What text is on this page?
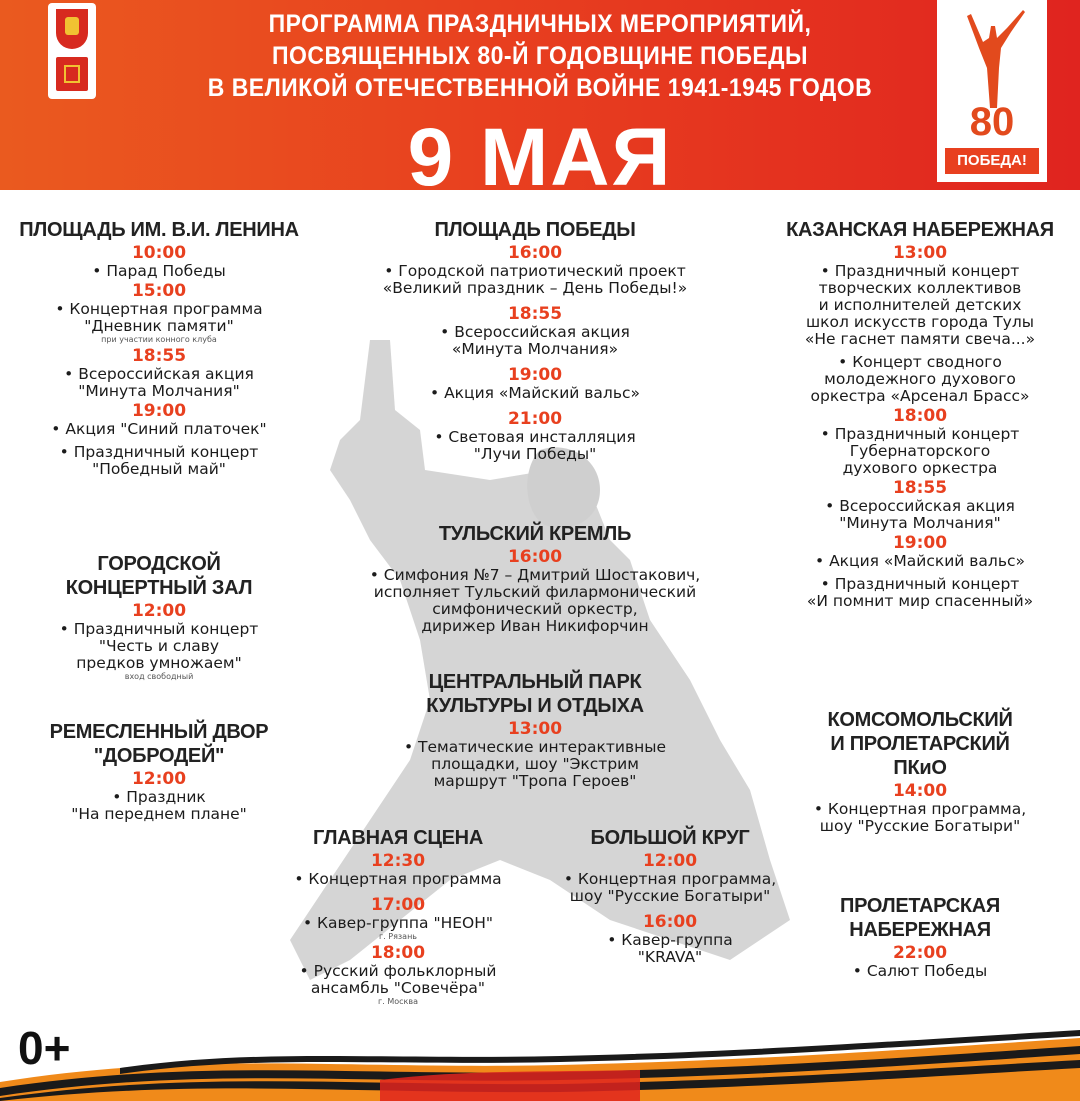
ПРОГРАММА ПРАЗДНИЧНЫХ МЕРОПРИЯТИЙ,
ПОСВЯЩЕННЫХ 80-Й ГОДОВЩИНЕ ПОБЕДЫ
В ВЕЛИКОЙ ОТЕЧЕСТВЕННОЙ ВОЙНЕ 1941-1945 ГОДОВ
9 МАЯ	80
ПОБЕДА!
ПЛОЩАДЬ ИМ. В.И. ЛЕНИНА
10:00
• Парад Победы
15:00
• Концертная программа
"Дневник памяти"
при участии конного клуба
18:55
• Всероссийская акция
"Минута Молчания"
19:00
• Акция "Синий платочек"
• Праздничный концерт
"Победный май"
ГОРОДСКОЙ
КОНЦЕРТНЫЙ ЗАЛ
12:00
• Праздничный концерт
"Честь и славу
предков умножаем"
вход свободный
РЕМЕСЛЕННЫЙ ДВОР
"ДОБРОДЕЙ"
12:00
• Праздник
"На переднем плане"
ПЛОЩАДЬ ПОБЕДЫ
16:00
• Городской патриотический проект
«Великий праздник – День Победы!»
18:55
• Всероссийская акция
«Минута Молчания»
19:00
• Акция «Майский вальс»
21:00
• Световая инсталляция
"Лучи Победы"
ТУЛЬСКИЙ КРЕМЛЬ
16:00
• Симфония №7 – Дмитрий Шостакович,
исполняет Тульский филармонический
симфонический оркестр,
дирижер Иван Никифорчин
ЦЕНТРАЛЬНЫЙ ПАРК
КУЛЬТУРЫ И ОТДЫХА
13:00
• Тематические интерактивные
площадки, шоу "Экстрим
маршрут "Тропа Героев"
ГЛАВНАЯ СЦЕНА
12:30
• Концертная программа
17:00
• Кавер-группа "НЕОН"
г. Рязань
18:00
• Русский фольклорный
ансамбль "Совечёра"
г. Москва
БОЛЬШОЙ КРУГ
12:00
• Концертная программа,
шоу "Русские Богатыри"
16:00
• Кавер-группа
"KRAVA"
КАЗАНСКАЯ НАБЕРЕЖНАЯ
13:00
• Праздничный концерт
творческих коллективов
и исполнителей детских
школ искусств города Тулы
«Не гаснет памяти свеча...»
• Концерт сводного
молодежного духового
оркестра «Арсенал Брасс»
18:00
• Праздничный концерт
Губернаторского
духового оркестра
18:55
• Всероссийская акция
"Минута Молчания"
19:00
• Акция «Майский вальс»
• Праздничный концерт
«И помнит мир спасенный»
КОМСОМОЛЬСКИЙ
И ПРОЛЕТАРСКИЙ
ПКиО
14:00
• Концертная программа,
шоу "Русские Богатыри"
ПРОЛЕТАРСКАЯ
НАБЕРЕЖНАЯ
22:00
• Салют Победы
0+
